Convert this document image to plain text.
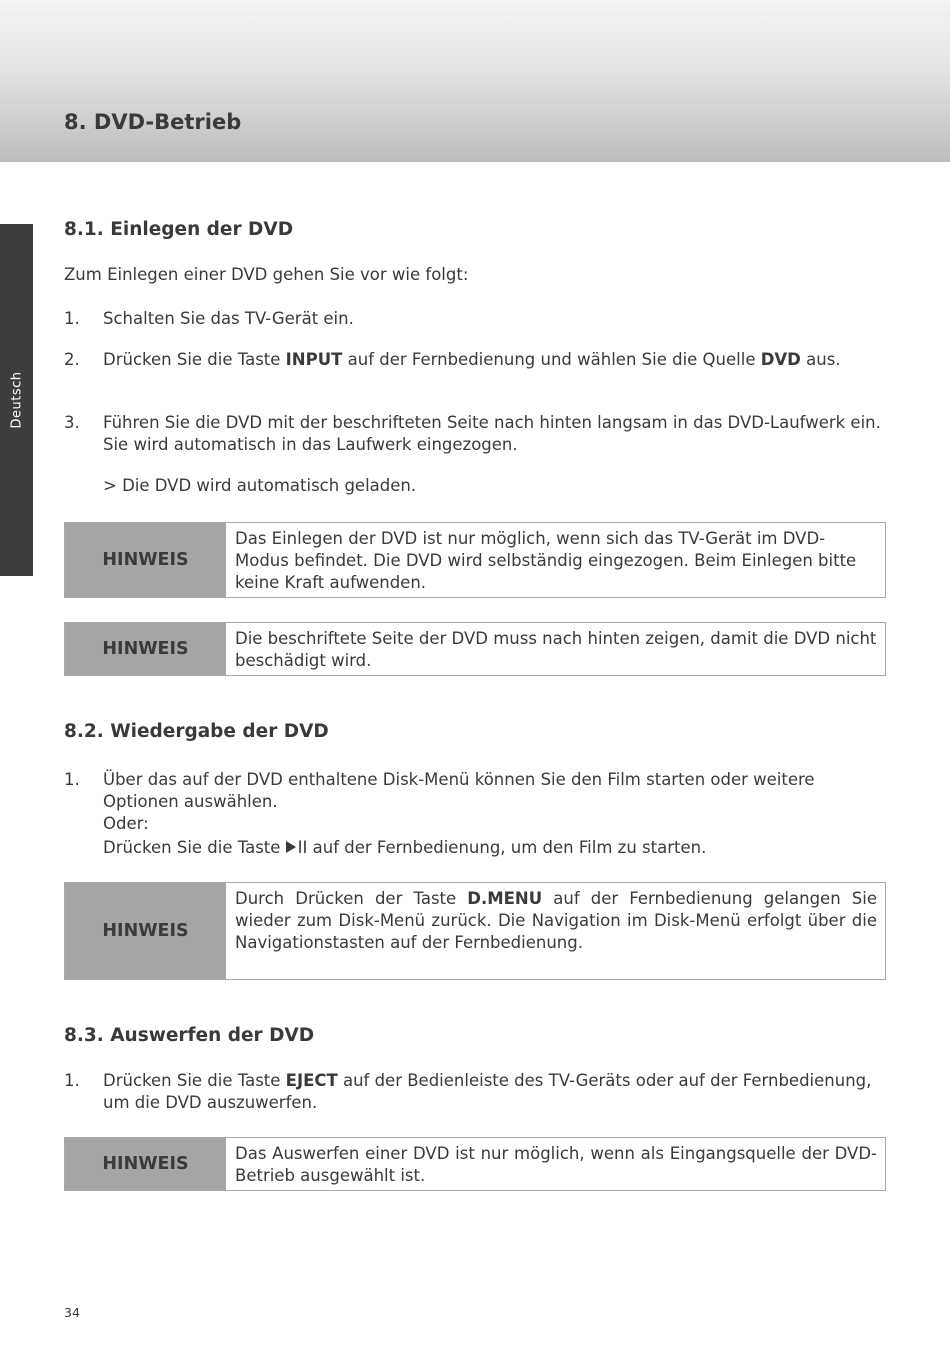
8. DVD-Betrieb
Deutsch
8.1. Einlegen der DVD

Zum Einlegen einer DVD gehen Sie vor wie folgt:

1. Schalten Sie das TV-Gerät ein.
2. Drücken Sie die Taste INPUT auf der Fernbedienung und wählen Sie die Quelle DVD aus.
3. Führen Sie die DVD mit der beschrifteten Seite nach hinten langsam in das DVD-Laufwerk ein. Sie wird automatisch in das Laufwerk eingezogen.
> Die DVD wird automatisch geladen.
HINWEIS
Das Einlegen der DVD ist nur möglich, wenn sich das TV-Gerät im DVD-Modus befindet. Die DVD wird selbständig eingezogen. Beim Einlegen bitte keine Kraft aufwenden.
HINWEIS
Die beschriftete Seite der DVD muss nach hinten zeigen, damit die DVD nicht beschädigt wird.
8.2. Wiedergabe der DVD
1. Über das auf der DVD enthaltene Disk-Menü können Sie den Film starten oder weitere Optionen auswählen.
Oder:
Drücken Sie die Taste II auf der Fernbedienung, um den Film zu starten.
HINWEIS
Durch Drücken der Taste D.MENU auf der Fernbedienung gelangen Sie wieder zum Disk-Menü zurück. Die Navigation im Disk-Menü erfolgt über die Navigationstasten auf der Fernbedienung.
8.3. Auswerfen der DVD
1. Drücken Sie die Taste EJECT auf der Bedienleiste des TV-Geräts oder auf der Fernbedienung, um die DVD auszuwerfen.
HINWEIS
Das Auswerfen einer DVD ist nur möglich, wenn als Eingangsquelle der DVD-Betrieb ausgewählt ist.
34
